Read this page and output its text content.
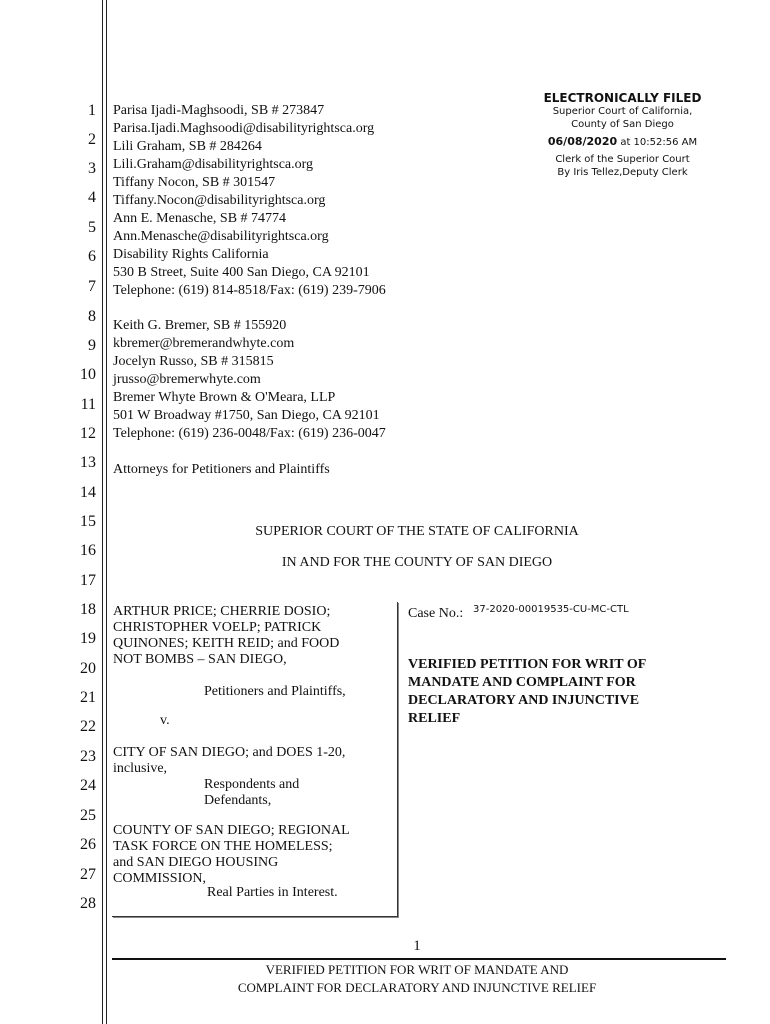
1
2
3
4
5
6
7
8
9
10
11
12
13
14
15
16
17
18
19
20
21
22
23
24
25
26
27
28
ELECTRONICALLY FILED
Superior Court of California,
County of San Diego
06/08/2020 at 10:52:56 AM
Clerk of the Superior Court
By Iris Tellez,Deputy Clerk
Parisa Ijadi-Maghsoodi, SB # 273847
Parisa.Ijadi.Maghsoodi@disabilityrightsca.org
Lili Graham, SB # 284264
Lili.Graham@disabilityrightsca.org
Tiffany Nocon, SB # 301547
Tiffany.Nocon@disabilityrightsca.org
Ann E. Menasche, SB # 74774
Ann.Menasche@disabilityrightsca.org
Disability Rights California
530 B Street, Suite 400 San Diego, CA 92101
Telephone: (619) 814-8518/Fax: (619) 239-7906
Keith G. Bremer, SB # 155920
kbremer@bremerandwhyte.com
Jocelyn Russo, SB # 315815
jrusso@bremerwhyte.com
Bremer Whyte Brown & O'Meara, LLP
501 W Broadway #1750, San Diego, CA 92101
Telephone: (619) 236-0048/Fax: (619) 236-0047
Attorneys for Petitioners and Plaintiffs
SUPERIOR COURT OF THE STATE OF CALIFORNIA
IN AND FOR THE COUNTY OF SAN DIEGO
ARTHUR PRICE; CHERRIE DOSIO;
CHRISTOPHER VOELP; PATRICK
QUINONES; KEITH REID; and FOOD
NOT BOMBS – SAN DIEGO,
Petitioners and Plaintiffs,
v.
CITY OF SAN DIEGO; and DOES 1-20,
inclusive,
Respondents and
Defendants,
COUNTY OF SAN DIEGO; REGIONAL
TASK FORCE ON THE HOMELESS;
and SAN DIEGO HOUSING
COMMISSION,
Real Parties in Interest.
Case No.: 37-2020-00019535-CU-MC-CTL
VERIFIED PETITION FOR WRIT OF
MANDATE AND COMPLAINT FOR
DECLARATORY AND INJUNCTIVE
RELIEF
1
VERIFIED PETITION FOR WRIT OF MANDATE AND
COMPLAINT FOR DECLARATORY AND INJUNCTIVE RELIEF
